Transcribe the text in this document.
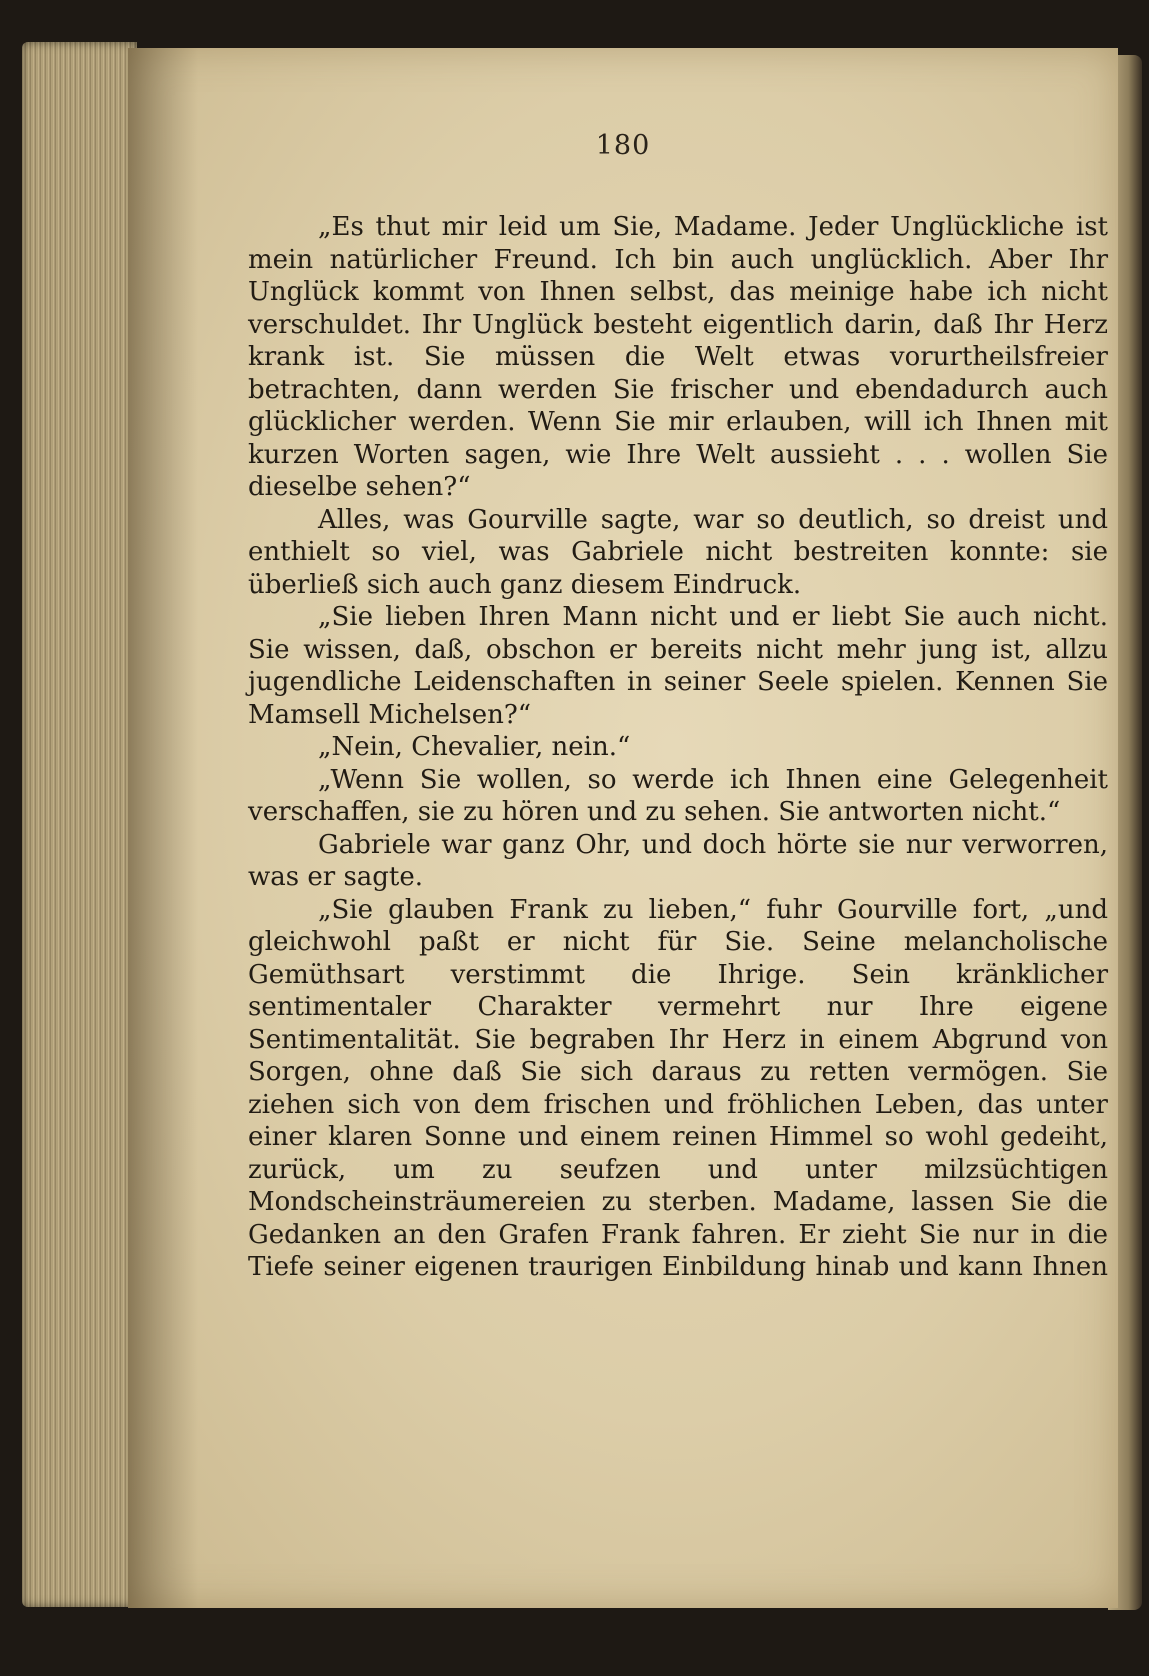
180

„Es thut mir leid um Sie, Madame. Jeder Unglückliche ist mein natürlicher Freund. Ich bin auch unglücklich. Aber Ihr Unglück kommt von Ihnen selbst, das meinige habe ich nicht verschuldet. Ihr Unglück besteht eigentlich darin, daß Ihr Herz krank ist. Sie müssen die Welt etwas vorurtheilsfreier betrachten, dann werden Sie frischer und ebendadurch auch glücklicher werden. Wenn Sie mir erlauben, will ich Ihnen mit kurzen Worten sagen, wie Ihre Welt aussieht . . . wollen Sie dieselbe sehen?“

Alles, was Gourville sagte, war so deutlich, so dreist und enthielt so viel, was Gabriele nicht bestreiten konnte: sie überließ sich auch ganz diesem Eindruck.

„Sie lieben Ihren Mann nicht und er liebt Sie auch nicht. Sie wissen, daß, obschon er bereits nicht mehr jung ist, allzu jugendliche Leidenschaften in seiner Seele spielen. Kennen Sie Mamsell Michelsen?“

„Nein, Chevalier, nein.“

„Wenn Sie wollen, so werde ich Ihnen eine Gelegenheit verschaffen, sie zu hören und zu sehen. Sie antworten nicht.“

Gabriele war ganz Ohr, und doch hörte sie nur verworren, was er sagte.

„Sie glauben Frank zu lieben,“ fuhr Gourville fort, „und gleichwohl paßt er nicht für Sie. Seine melancholische Gemüthsart verstimmt die Ihrige. Sein kränklicher sentimentaler Charakter vermehrt nur Ihre eigene Sentimentalität. Sie begraben Ihr Herz in einem Abgrund von Sorgen, ohne daß Sie sich daraus zu retten vermögen. Sie ziehen sich von dem frischen und fröhlichen Leben, das unter einer klaren Sonne und einem reinen Himmel so wohl gedeiht, zurück, um zu seufzen und unter milzsüchtigen Mondscheinsträumereien zu sterben. Madame, lassen Sie die Gedanken an den Grafen Frank fahren. Er zieht Sie nur in die Tiefe seiner eigenen traurigen Einbildung hinab und kann Ihnen
